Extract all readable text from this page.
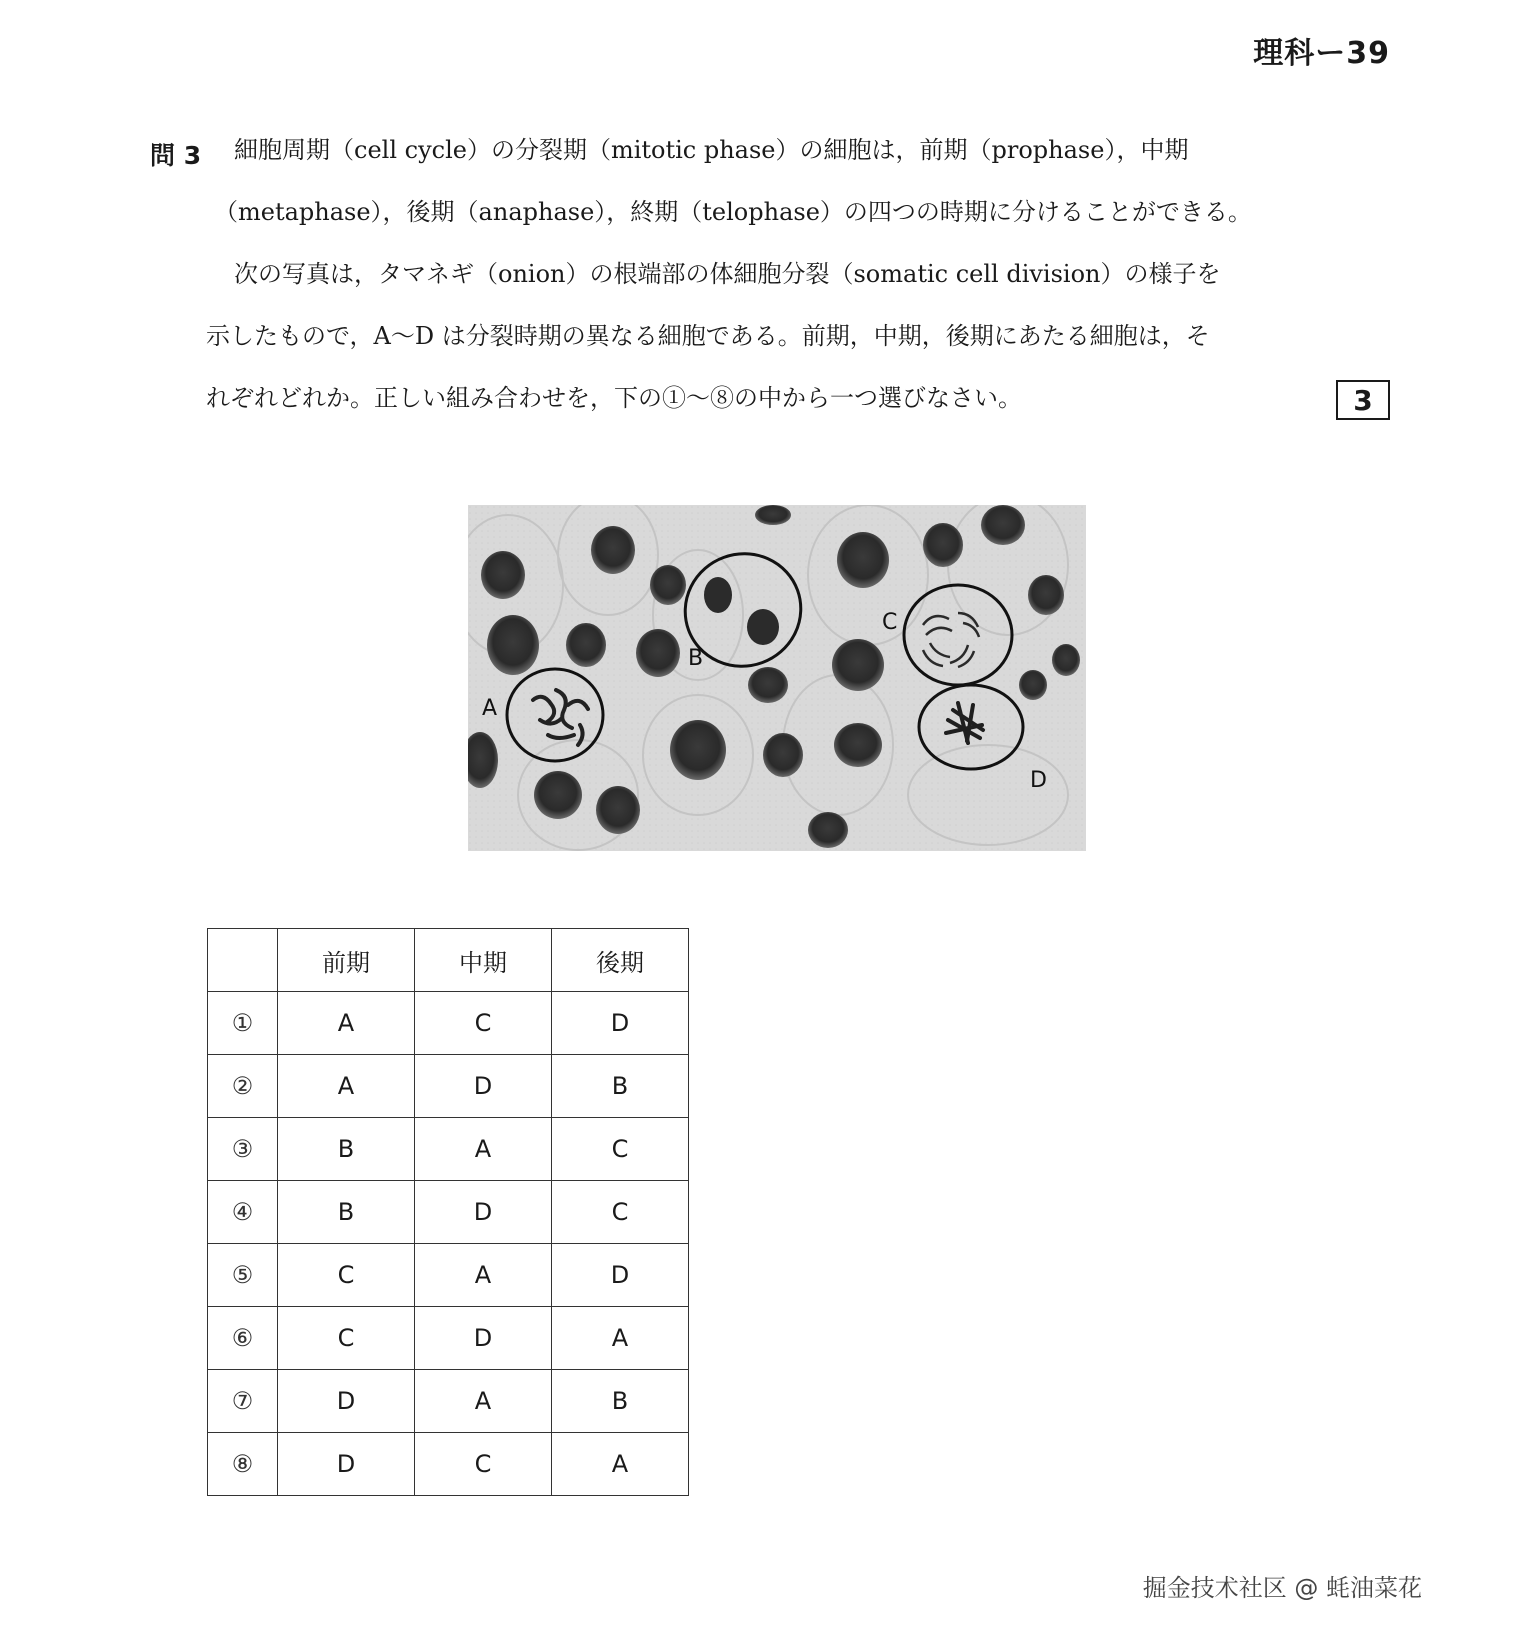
理科ー39
問 3 細胞周期（cell cycle）の分裂期（mitotic phase）の細胞は，前期（prophase），中期
（metaphase），後期（anaphase），終期（telophase）の四つの時期に分けることができる。
次の写真は，タマネギ（onion）の根端部の体細胞分裂（somatic cell division）の様子を
示したもので，A～D は分裂時期の異なる細胞である。前期，中期，後期にあたる細胞は，そ
れぞれどれか。正しい組み合わせを，下の①～⑧の中から一つ選びなさい。	3
A
B
C
D
	前期	中期	後期
①	A	C	D
②	A	D	B
③	B	A	C
④	B	D	C
⑤	C	A	D
⑥	C	D	A
⑦	D	A	B
⑧	D	C	A
掘金技术社区 @ 蚝油菜花
